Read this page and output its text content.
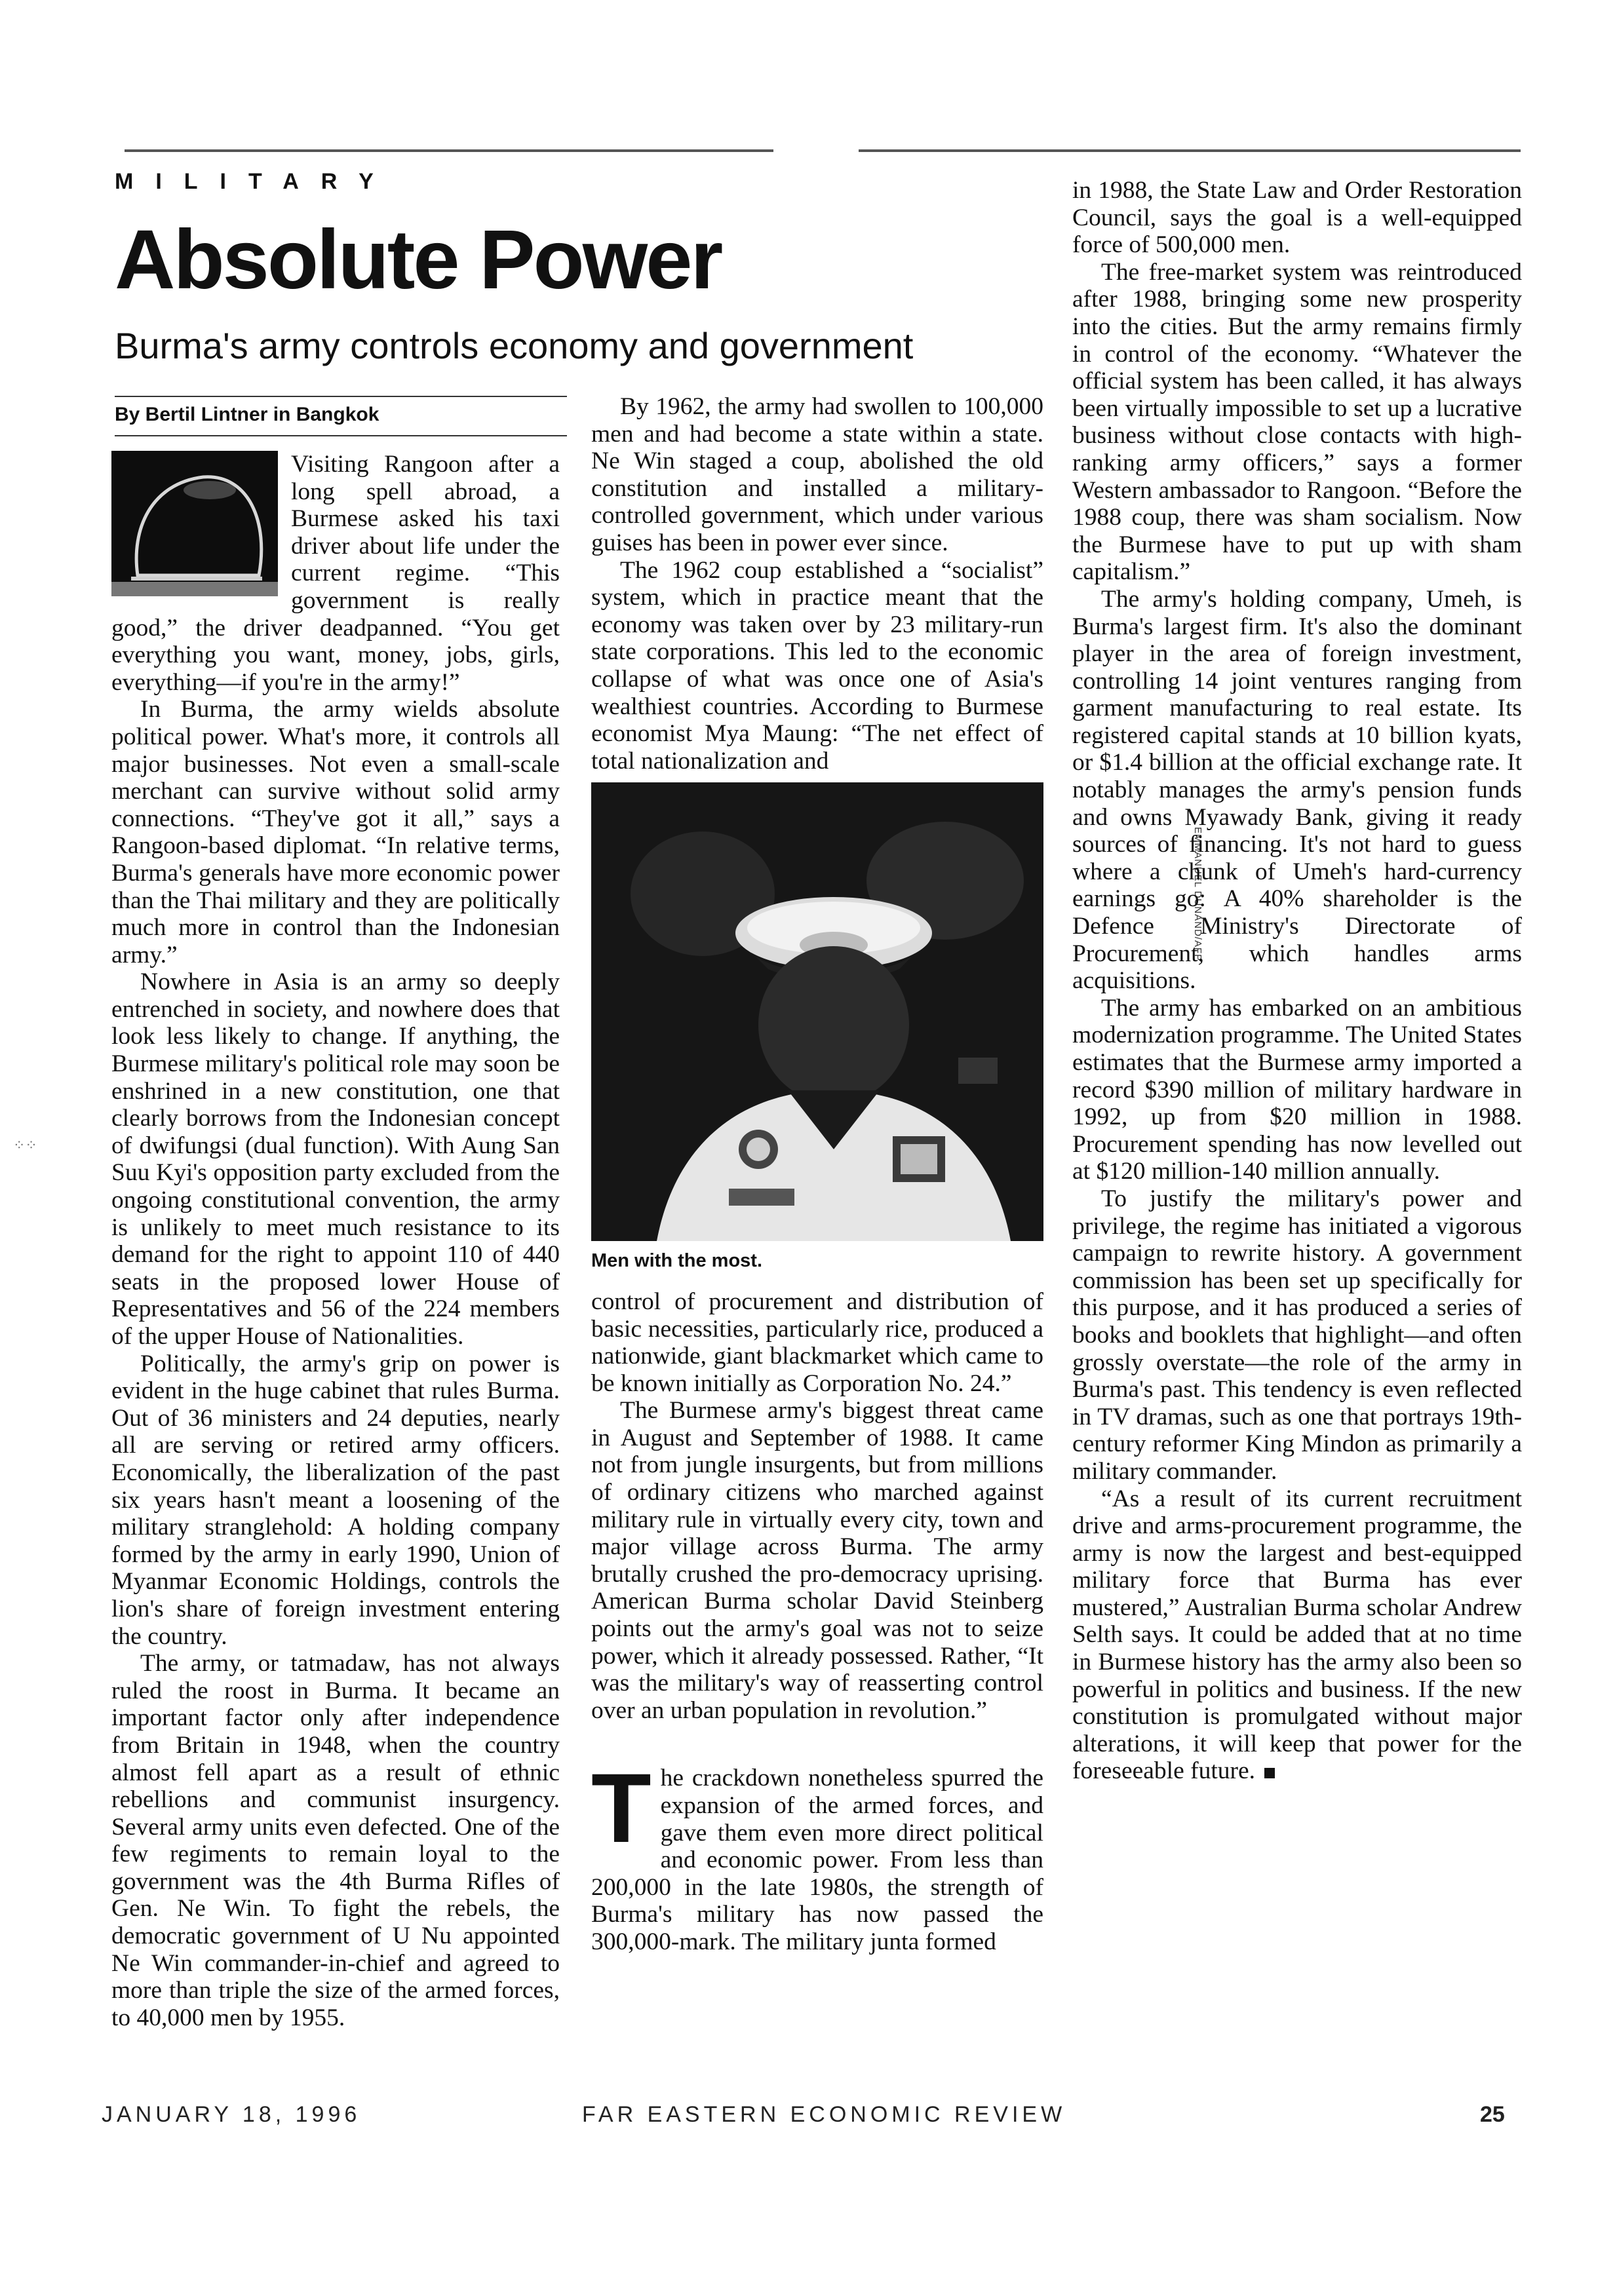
MILITARY
Absolute Power
Burma's army controls economy and government
By Bertil Lintner in Bangkok

Visiting Rangoon after a long spell abroad, a Burmese asked his taxi driver about life under the current regime. “This government is really good,” the driver deadpanned. “You get everything you want, money, jobs, girls, everything—if you're in the army!”

In Burma, the army wields absolute political power. What's more, it controls all major businesses. Not even a small-scale merchant can survive without solid army connections. “They've got it all,” says a Rangoon-based diplomat. “In relative terms, Burma's generals have more economic power than the Thai military and they are politically much more in control than the Indonesian army.”

Nowhere in Asia is an army so deeply entrenched in society, and nowhere does that look less likely to change. If anything, the Burmese military's political role may soon be enshrined in a new constitution, one that clearly borrows from the Indonesian concept of dwifungsi (dual function). With Aung San Suu Kyi's opposition party excluded from the ongoing constitutional convention, the army is unlikely to meet much resistance to its demand for the right to appoint 110 of 440 seats in the proposed lower House of Representatives and 56 of the 224 members of the upper House of Nationalities.

Politically, the army's grip on power is evident in the huge cabinet that rules Burma. Out of 36 ministers and 24 deputies, nearly all are serving or retired army officers. Economically, the liberalization of the past six years hasn't meant a loosening of the military stranglehold: A holding company formed by the army in early 1990, Union of Myanmar Economic Holdings, controls the lion's share of foreign investment entering the country.

The army, or tatmadaw, has not always ruled the roost in Burma. It became an important factor only after independence from Britain in 1948, when the country almost fell apart as a result of ethnic rebellions and communist insurgency. Several army units even defected. One of the few regiments to remain loyal to the government was the 4th Burma Rifles of Gen. Ne Win. To fight the rebels, the democratic government of U Nu appointed Ne Win commander-in-chief and agreed to more than triple the size of the armed forces, to 40,000 men by 1955.

By 1962, the army had swollen to 100,000 men and had become a state within a state. Ne Win staged a coup, abolished the old constitution and installed a military-controlled government, which under various guises has been in power ever since.

The 1962 coup established a “socialist” system, which in practice meant that the economy was taken over by 23 military-run state corporations. This led to the economic collapse of what was once one of Asia's wealthiest countries. According to Burmese economist Mya Maung: “The net effect of total nationalization and

Men with the most.

control of procurement and distribution of basic necessities, particularly rice, produced a nationwide, giant blackmarket which came to be known initially as Corporation No. 24.”

The Burmese army's biggest threat came in August and September of 1988. It came not from jungle insurgents, but from millions of ordinary citizens who marched against military rule in virtually every city, town and major village across Burma. The army brutally crushed the pro-democracy uprising. American Burma scholar David Steinberg points out the army's goal was not to seize power, which it already possessed. Rather, “It was the military's way of reasserting control over an urban population in revolution.”

The crackdown nonetheless spurred the expansion of the armed forces, and gave them even more direct political and economic power. From less than 200,000 in the late 1980s, the strength of Burma's military has now passed the 300,000-mark. The military junta formed

EMMANUEL DUNAND/AFP

in 1988, the State Law and Order Restoration Council, says the goal is a well-equipped force of 500,000 men.

The free-market system was reintroduced after 1988, bringing some new prosperity into the cities. But the army remains firmly in control of the economy. “Whatever the official system has been called, it has always been virtually impossible to set up a lucrative business without close contacts with high-ranking army officers,” says a former Western ambassador to Rangoon. “Before the 1988 coup, there was sham socialism. Now the Burmese have to put up with sham capitalism.”

The army's holding company, Umeh, is Burma's largest firm. It's also the dominant player in the area of foreign investment, controlling 14 joint ventures ranging from garment manufacturing to real estate. Its registered capital stands at 10 billion kyats, or $1.4 billion at the official exchange rate. It notably manages the army's pension funds and owns Myawady Bank, giving it ready sources of financing. It's not hard to guess where a chunk of Umeh's hard-currency earnings go: A 40% shareholder is the Defence Ministry's Directorate of Procurement, which handles arms acquisitions.

The army has embarked on an ambitious modernization programme. The United States estimates that the Burmese army imported a record $390 million of military hardware in 1992, up from $20 million in 1988. Procurement spending has now levelled out at $120 million-140 million annually.

To justify the military's power and privilege, the regime has initiated a vigorous campaign to rewrite history. A government commission has been set up specifically for this purpose, and it has produced a series of books and booklets that highlight—and often grossly overstate—the role of the army in Burma's past. This tendency is even reflected in TV dramas, such as one that portrays 19th-century reformer King Mindon as primarily a military commander.

“As a result of its current recruitment drive and arms-procurement programme, the army is now the largest and best-equipped military force that Burma has ever mustered,” Australian Burma scholar Andrew Selth says. It could be added that at no time in Burmese history has the army also been so powerful in politics and business. If the new constitution is promulgated without major alterations, it will keep that power for the foreseeable future.

⁘⁘
JANUARY 18, 1996	FAR EASTERN ECONOMIC REVIEW	25
